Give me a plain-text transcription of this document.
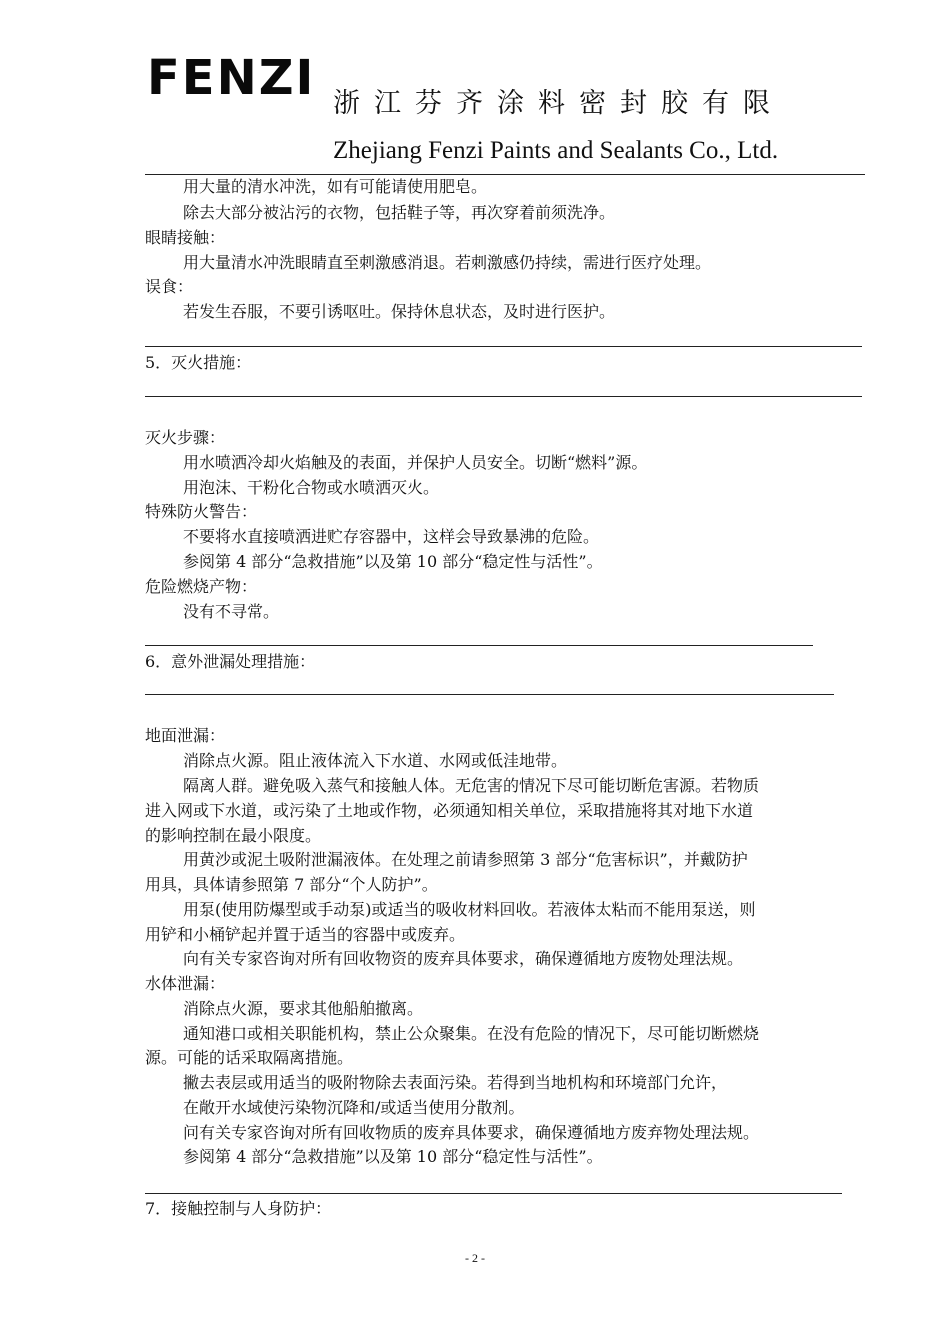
FENZI 浙江芬齐涂料密封胶有限
Zhejiang Fenzi Paints and Sealants Co., Ltd.
用大量的清水冲洗，如有可能请使用肥皂。
除去大部分被沾污的衣物，包括鞋子等，再次穿着前须洗净。
眼睛接触：
用大量清水冲洗眼睛直至刺激感消退。若刺激感仍持续，需进行医疗处理。
误食：
若发生吞服，不要引诱呕吐。保持休息状态，及时进行医护。
5．灭火措施：
灭火步骤：
用水喷洒冷却火焰触及的表面，并保护人员安全。切断“燃料”源。
用泡沫、干粉化合物或水喷洒灭火。
特殊防火警告：
不要将水直接喷洒进贮存容器中，这样会导致暴沸的危险。
参阅第 4 部分“急救措施”以及第 10 部分“稳定性与活性”。
危险燃烧产物：
没有不寻常。
6．意外泄漏处理措施：
地面泄漏：
消除点火源。阻止液体流入下水道、水网或低洼地带。
隔离人群。避免吸入蒸气和接触人体。无危害的情况下尽可能切断危害源。若物质
进入网或下水道，或污染了土地或作物，必须通知相关单位，采取措施将其对地下水道
的影响控制在最小限度。
用黄沙或泥土吸附泄漏液体。在处理之前请参照第 3 部分“危害标识”，并戴防护
用具，具体请参照第 7 部分“个人防护”。
用泵(使用防爆型或手动泵)或适当的吸收材料回收。若液体太粘而不能用泵送，则
用铲和小桶铲起并置于适当的容器中或废弃。
向有关专家咨询对所有回收物资的废弃具体要求，确保遵循地方废物处理法规。
水体泄漏：
消除点火源，要求其他船舶撤离。
通知港口或相关职能机构，禁止公众聚集。在没有危险的情况下，尽可能切断燃烧
源。可能的话采取隔离措施。
撇去表层或用适当的吸附物除去表面污染。若得到当地机构和环境部门允许，
在敞开水域使污染物沉降和/或适当使用分散剂。
问有关专家咨询对所有回收物质的废弃具体要求，确保遵循地方废弃物处理法规。
参阅第 4 部分“急救措施”以及第 10 部分“稳定性与活性”。
7．接触控制与人身防护：
- 2 -
